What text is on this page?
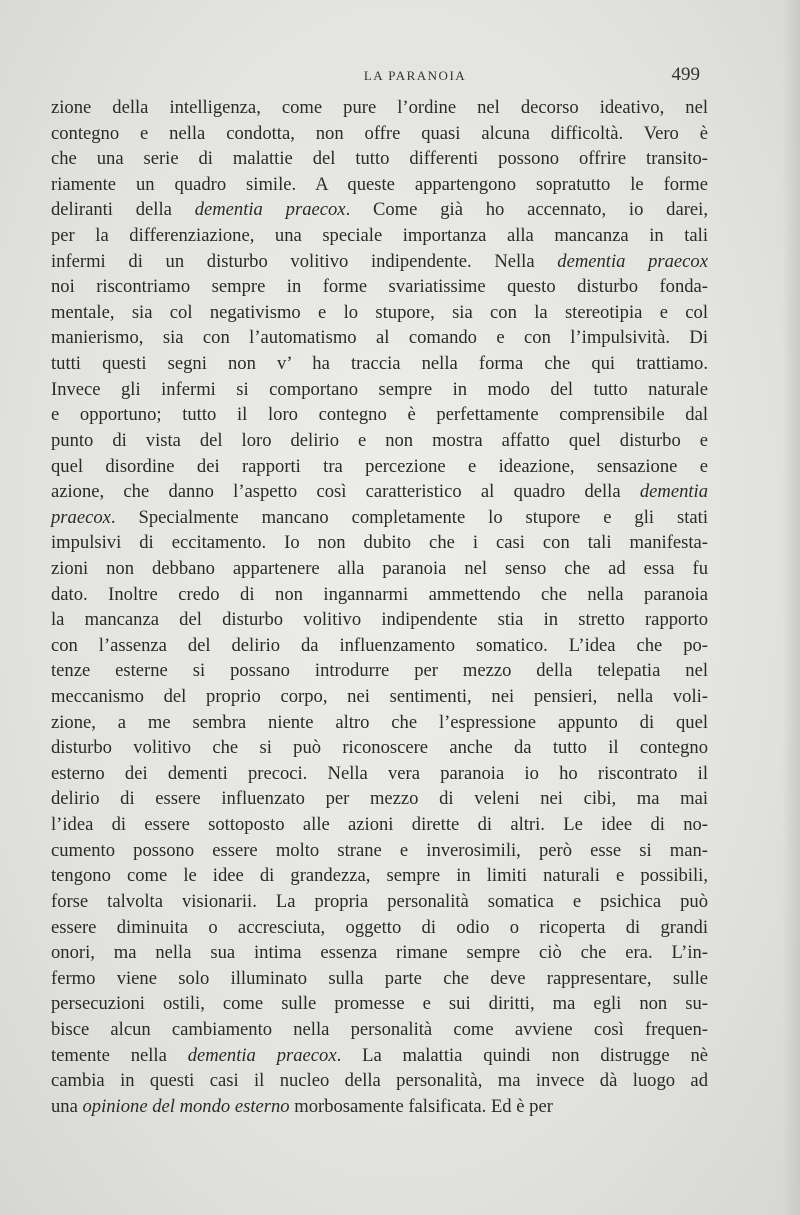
LA PARANOIA	499
zione della intelligenza, come pure l’ordine nel decorso ideativo, nel
contegno e nella condotta, non offre quasi alcuna difficoltà. Vero è
che una serie di malattie del tutto differenti possono offrire transito-
riamente un quadro simile. A queste appartengono sopratutto le forme
deliranti della dementia praecox. Come già ho accennato, io darei,
per la differenziazione, una speciale importanza alla mancanza in tali
infermi di un disturbo volitivo indipendente. Nella dementia praecox
noi riscontriamo sempre in forme svariatissime questo disturbo fonda-
mentale, sia col negativismo e lo stupore, sia con la stereotipia e col
manierismo, sia con l’automatismo al comando e con l’impulsività. Di
tutti questi segni non v’ ha traccia nella forma che qui trattiamo.
Invece gli infermi si comportano sempre in modo del tutto naturale
e opportuno; tutto il loro contegno è perfettamente comprensibile dal
punto di vista del loro delirio e non mostra affatto quel disturbo e
quel disordine dei rapporti tra percezione e ideazione, sensazione e
azione, che danno l’aspetto così caratteristico al quadro della dementia
praecox. Specialmente mancano completamente lo stupore e gli stati
impulsivi di eccitamento. Io non dubito che i casi con tali manifesta-
zioni non debbano appartenere alla paranoia nel senso che ad essa fu
dato. Inoltre credo di non ingannarmi ammettendo che nella paranoia
la mancanza del disturbo volitivo indipendente stia in stretto rapporto
con l’assenza del delirio da influenzamento somatico. L’idea che po-
tenze esterne si possano introdurre per mezzo della telepatia nel
meccanismo del proprio corpo, nei sentimenti, nei pensieri, nella voli-
zione, a me sembra niente altro che l’espressione appunto di quel
disturbo volitivo che si può riconoscere anche da tutto il contegno
esterno dei dementi precoci. Nella vera paranoia io ho riscontrato il
delirio di essere influenzato per mezzo di veleni nei cibi, ma mai
l’idea di essere sottoposto alle azioni dirette di altri. Le idee di no-
cumento possono essere molto strane e inverosimili, però esse si man-
tengono come le idee di grandezza, sempre in limiti naturali e possibili,
forse talvolta visionarii. La propria personalità somatica e psichica può
essere diminuita o accresciuta, oggetto di odio o ricoperta di grandi
onori, ma nella sua intima essenza rimane sempre ciò che era. L’in-
fermo viene solo illuminato sulla parte che deve rappresentare, sulle
persecuzioni ostili, come sulle promesse e sui diritti, ma egli non su-
bisce alcun cambiamento nella personalità come avviene così frequen-
temente nella dementia praecox. La malattia quindi non distrugge nè
cambia in questi casi il nucleo della personalità, ma invece dà luogo ad
una opinione del mondo esterno morbosamente falsificata. Ed è per
